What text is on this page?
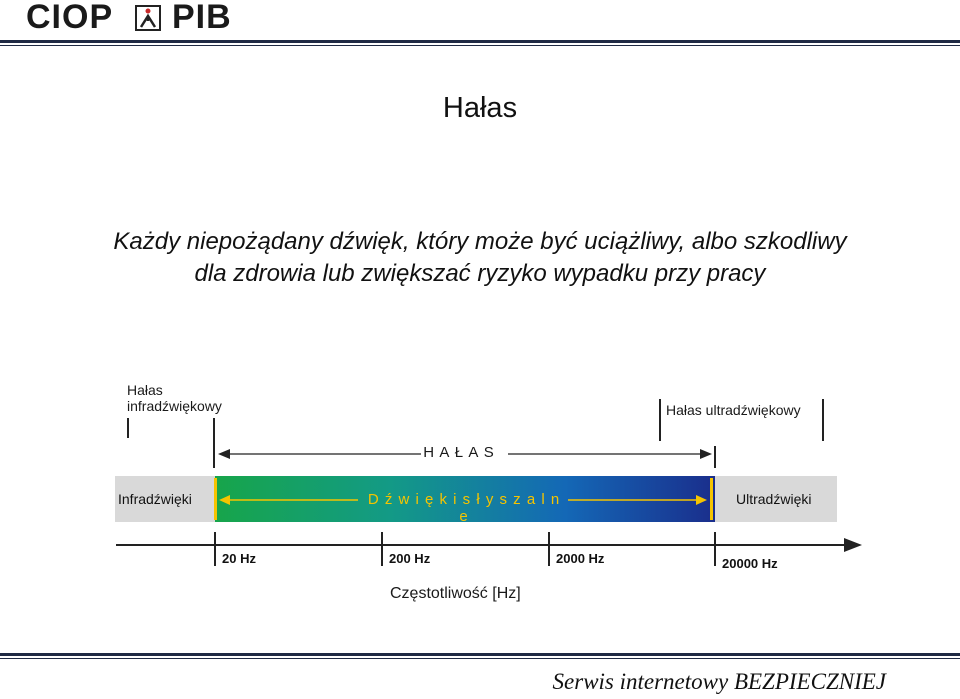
CIOP PIB
Hałas
Każdy niepożądany dźwięk, który może być uciążliwy, albo szkodliwy
dla zdrowia lub zwiększać ryzyko wypadku przy pracy
Hałas
infradźwiękowy	Hałas ultradźwiękowy
H A Ł A S
Infradźwięki	Ultradźwięki
D ź w i ę k i s ł y s z a l n e
20 Hz	200 Hz	2000 Hz	20000 Hz
Częstotliwość [Hz]
Serwis internetowy BEZPIECZNIEJ
